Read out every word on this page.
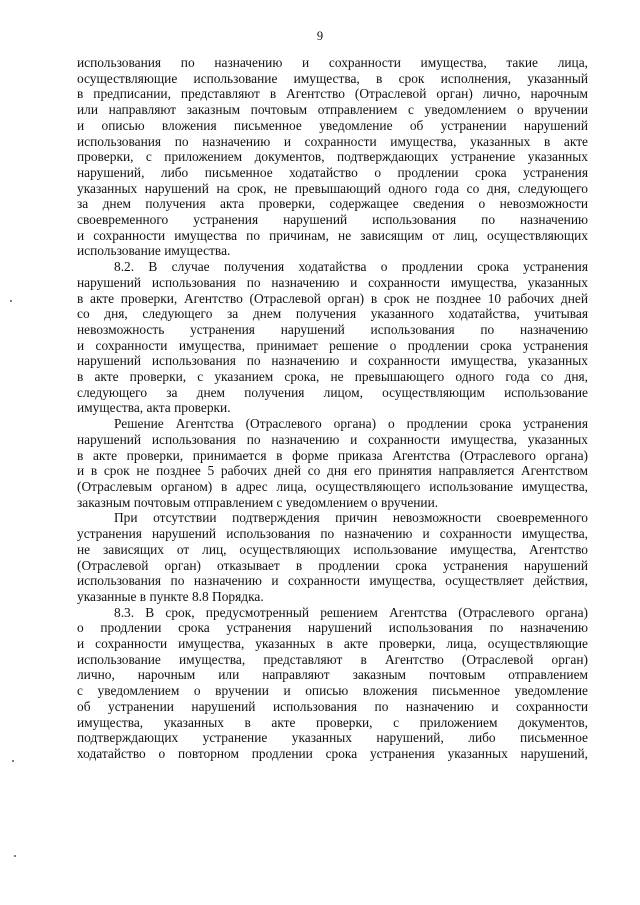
9

использования по назначению и сохранности имущества, такие лица,
осуществляющие использование имущества, в срок исполнения, указанный
в предписании, представляют в Агентство (Отраслевой орган) лично, нарочным
или направляют заказным почтовым отправлением с уведомлением о вручении
и описью вложения письменное уведомление об устранении нарушений
использования по назначению и сохранности имущества, указанных в акте
проверки, с приложением документов, подтверждающих устранение указанных
нарушений, либо письменное ходатайство о продлении срока устранения
указанных нарушений на срок, не превышающий одного года со дня, следующего
за днем получения акта проверки, содержащее сведения о невозможности
своевременного устранения нарушений использования по назначению
и сохранности имущества по причинам, не зависящим от лиц, осуществляющих
использование имущества.

8.2. В случае получения ходатайства о продлении срока устранения
нарушений использования по назначению и сохранности имущества, указанных
в акте проверки, Агентство (Отраслевой орган) в срок не позднее 10 рабочих дней
со дня, следующего за днем получения указанного ходатайства, учитывая
невозможность устранения нарушений использования по назначению
и сохранности имущества, принимает решение о продлении срока устранения
нарушений использования по назначению и сохранности имущества, указанных
в акте проверки, с указанием срока, не превышающего одного года со дня,
следующего за днем получения лицом, осуществляющим использование
имущества, акта проверки.

Решение Агентства (Отраслевого органа) о продлении срока устранения
нарушений использования по назначению и сохранности имущества, указанных
в акте проверки, принимается в форме приказа Агентства (Отраслевого органа)
и в срок не позднее 5 рабочих дней со дня его принятия направляется Агентством
(Отраслевым органом) в адрес лица, осуществляющего использование имущества,
заказным почтовым отправлением с уведомлением о вручении.

При отсутствии подтверждения причин невозможности своевременного
устранения нарушений использования по назначению и сохранности имущества,
не зависящих от лиц, осуществляющих использование имущества, Агентство
(Отраслевой орган) отказывает в продлении срока устранения нарушений
использования по назначению и сохранности имущества, осуществляет действия,
указанные в пункте 8.8 Порядка.

8.3. В срок, предусмотренный решением Агентства (Отраслевого органа)
о продлении срока устранения нарушений использования по назначению
и сохранности имущества, указанных в акте проверки, лица, осуществляющие
использование имущества, представляют в Агентство (Отраслевой орган)
лично, нарочным или направляют заказным почтовым отправлением
с уведомлением о вручении и описью вложения письменное уведомление
об устранении нарушений использования по назначению и сохранности
имущества, указанных в акте проверки, с приложением документов,
подтверждающих устранение указанных нарушений, либо письменное
ходатайство о повторном продлении срока устранения указанных нарушений,
